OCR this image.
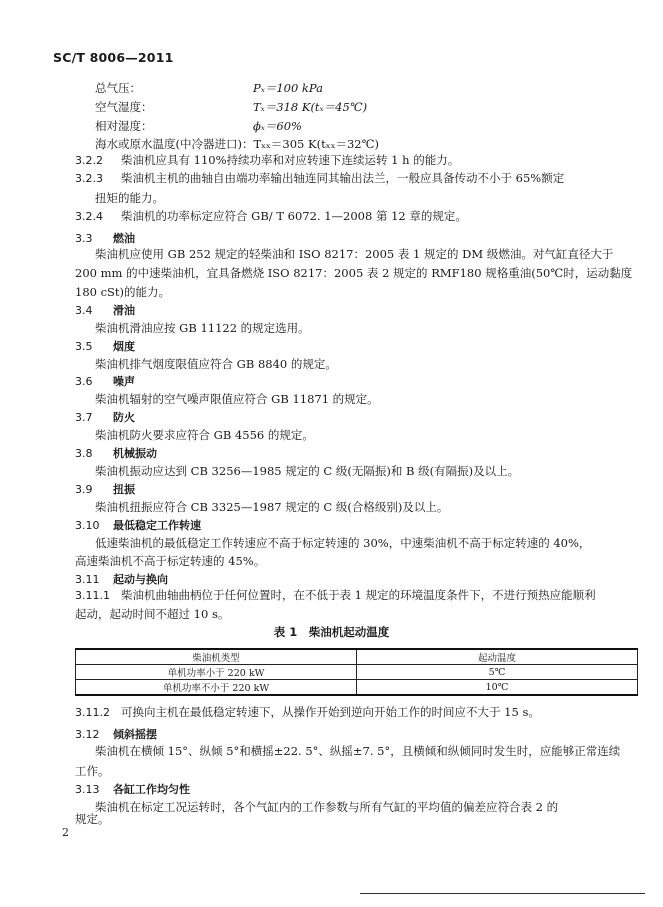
SC/T 8006—2011
总气压：	Pₓ＝100 kPa
空气湿度：	Tₓ＝318 K(tₓ＝45℃)
相对湿度：	ϕₓ＝60%
海水或原水温度(中冷器进口)：Tₓₓ＝305 K(tₓₓ＝32℃)
3.2.2 柴油机应具有 110%持续功率和对应转速下连续运转 1 h 的能力。
3.2.3 柴油机主机的曲轴自由端功率输出轴连同其输出法兰，一般应具备传动不小于 65%额定
扭矩的能力。
3.2.4 柴油机的功率标定应符合 GB/ T 6072. 1—2008 第 12 章的规定。
3.3 燃油
柴油机应使用 GB 252 规定的轻柴油和 ISO 8217：2005 表 1 规定的 DM 级燃油。对气缸直径大于
200 mm 的中速柴油机，宜具备燃烧 ISO 8217：2005 表 2 规定的 RMF180 规格重油(50℃时，运动黏度
180 cSt)的能力。
3.4 滑油
柴油机滑油应按 GB 11122 的规定选用。
3.5 烟度
柴油机排气烟度限值应符合 GB 8840 的规定。
3.6 噪声
柴油机辐射的空气噪声限值应符合 GB 11871 的规定。
3.7 防火
柴油机防火要求应符合 GB 4556 的规定。
3.8 机械振动
柴油机振动应达到 CB 3256—1985 规定的 C 级(无隔振)和 B 级(有隔振)及以上。
3.9 扭振
柴油机扭振应符合 CB 3325—1987 规定的 C 级(合格级别)及以上。
3.10 最低稳定工作转速
低速柴油机的最低稳定工作转速应不高于标定转速的 30%，中速柴油机不高于标定转速的 40%，
高速柴油机不高于标定转速的 45%。
3.11 起动与换向
3.11.1 柴油机曲轴曲柄位于任何位置时，在不低于表 1 规定的环境温度条件下，不进行预热应能顺利
起动，起动时间不超过 10 s。
表 1　柴油机起动温度
柴油机类型	起动温度
单机功率小于 220 kW	5℃
单机功率不小于 220 kW	10℃
3.11.2 可换向主机在最低稳定转速下，从操作开始到逆向开始工作的时间应不大于 15 s。
3.12 倾斜摇摆
柴油机在横倾 15°、纵倾 5°和横摇±22. 5°、纵摇±7. 5°，且横倾和纵倾同时发生时，应能够正常连续
工作。
3.13 各缸工作均匀性
柴油机在标定工况运转时，各个气缸内的工作参数与所有气缸的平均值的偏差应符合表 2 的
规定。
2
